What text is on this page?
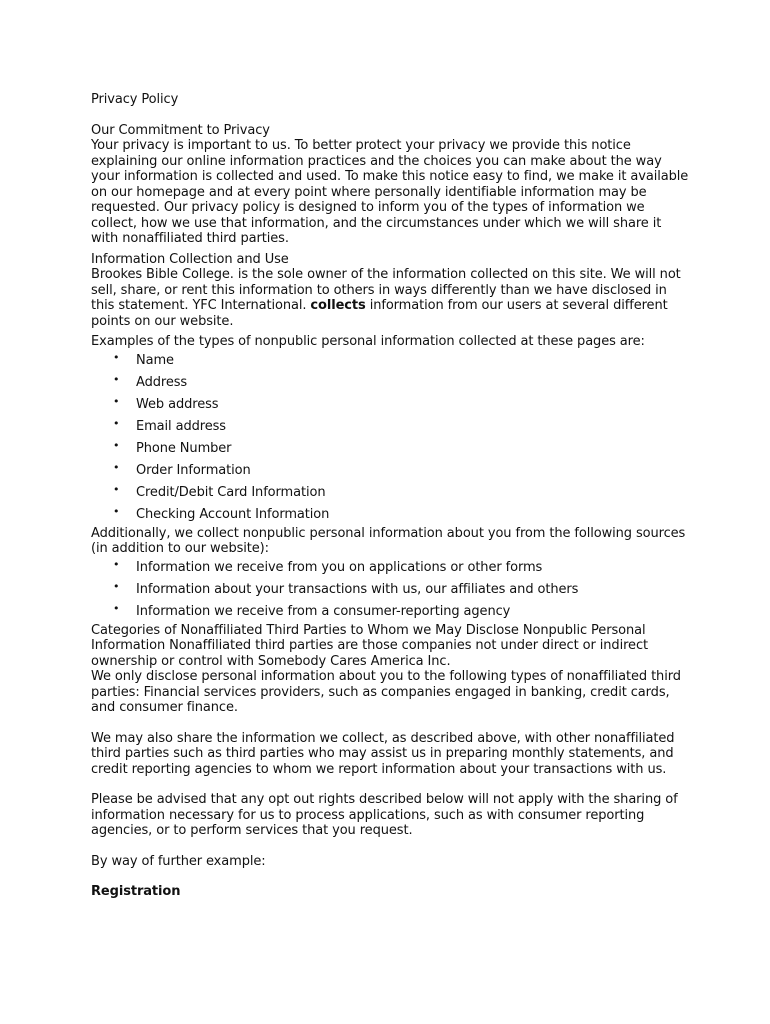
Privacy Policy

Our Commitment to Privacy

Your privacy is important to us. To better protect your privacy we provide this notice explaining our online information practices and the choices you can make about the way your information is collected and used. To make this notice easy to find, we make it available on our homepage and at every point where personally identifiable information may be requested. Our privacy policy is designed to inform you of the types of information we collect, how we use that information, and the circumstances under which we will share it with nonaffiliated third parties.

Information Collection and Use

Brookes Bible College. is the sole owner of the information collected on this site. We will not sell, share, or rent this information to others in ways differently than we have disclosed in this statement. YFC International. collects information from our users at several different points on our website.

Examples of the types of nonpublic personal information collected at these pages are:

• Name
• Address
• Web address
• Email address
• Phone Number
• Order Information
• Credit/Debit Card Information
• Checking Account Information

Additionally, we collect nonpublic personal information about you from the following sources (in addition to our website):

• Information we receive from you on applications or other forms
• Information about your transactions with us, our affiliates and others
• Information we receive from a consumer-reporting agency

Categories of Nonaffiliated Third Parties to Whom we May Disclose Nonpublic Personal Information Nonaffiliated third parties are those companies not under direct or indirect ownership or control with Somebody Cares America Inc.

We only disclose personal information about you to the following types of nonaffiliated third parties: Financial services providers, such as companies engaged in banking, credit cards, and consumer finance.

We may also share the information we collect, as described above, with other nonaffiliated third parties such as third parties who may assist us in preparing monthly statements, and credit reporting agencies to whom we report information about your transactions with us.

Please be advised that any opt out rights described below will not apply with the sharing of information necessary for us to process applications, such as with consumer reporting agencies, or to perform services that you request.

By way of further example:

Registration
